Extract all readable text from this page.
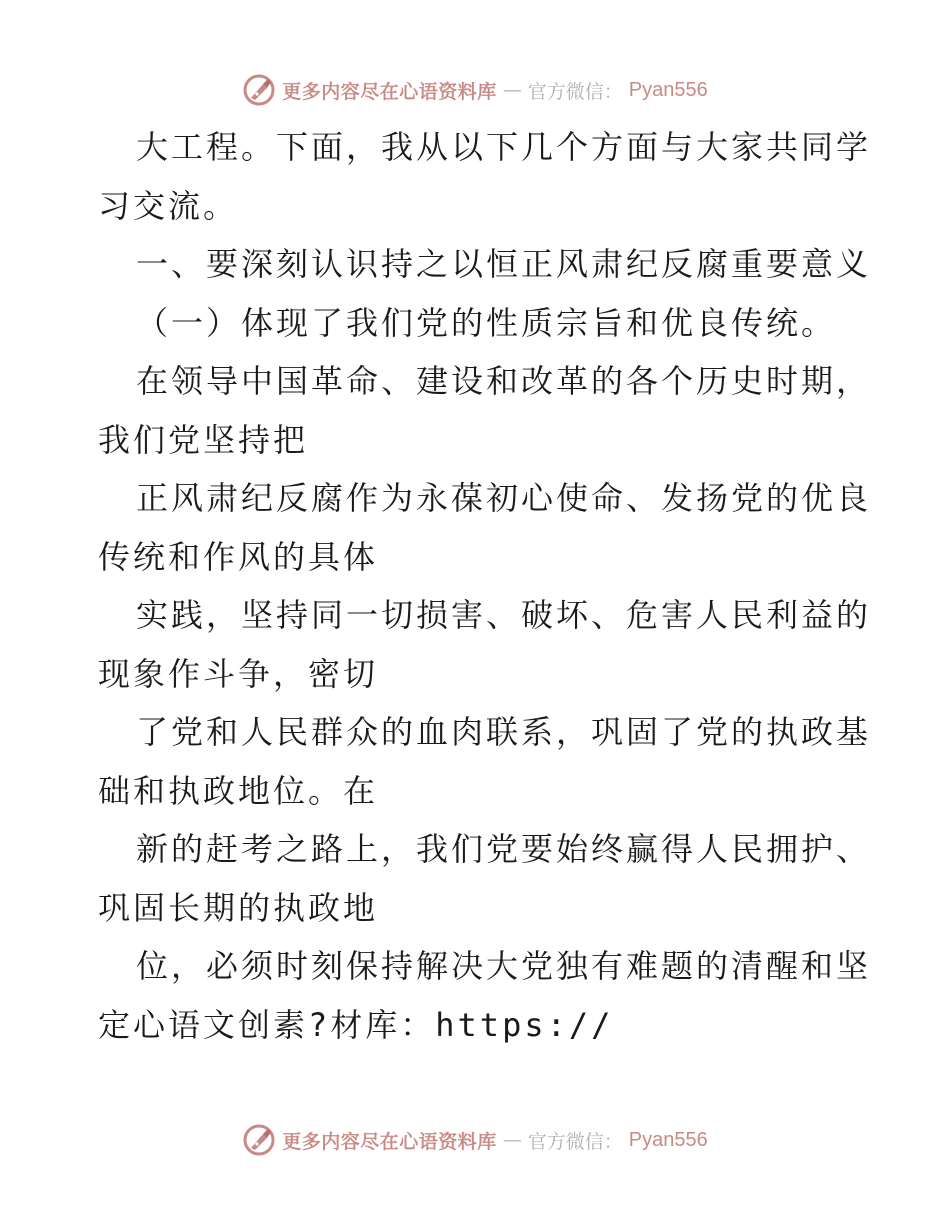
更多内容尽在心语资料库 — 官方微信： Pyan556
大工程。下面，我从以下几个方面与大家共同学
习交流。
一、要深刻认识持之以恒正风肃纪反腐重要意义
（一）体现了我们党的性质宗旨和优良传统。
在领导中国革命、建设和改革的各个历史时期，
我们党坚持把
正风肃纪反腐作为永葆初心使命、发扬党的优良
传统和作风的具体
实践，坚持同一切损害、破坏、危害人民利益的
现象作斗争，密切
了党和人民群众的血肉联系，巩固了党的执政基
础和执政地位。在
新的赶考之路上，我们党要始终赢得人民拥护、
巩固长期的执政地
位，必须时刻保持解决大党独有难题的清醒和坚
定心语文创素?材库：https://
更多内容尽在心语资料库 — 官方微信： Pyan556
